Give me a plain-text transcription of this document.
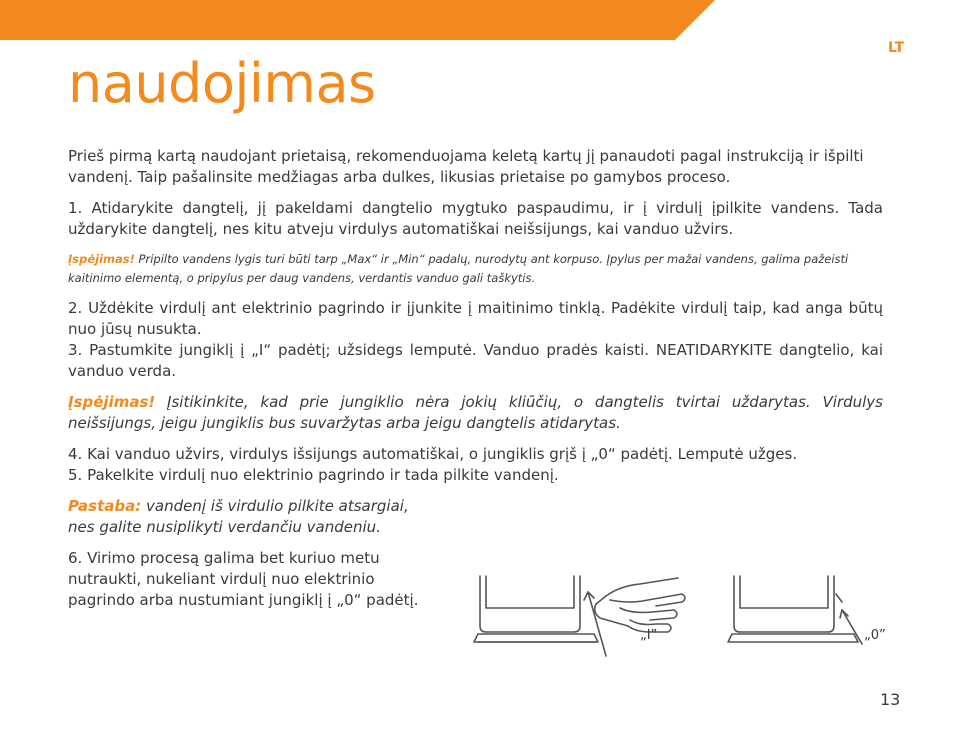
LT
naudojimas

Prieš pirmą kartą naudojant prietaisą, rekomenduojama keletą kartų jį panaudoti pagal instrukciją ir išpilti vandenį. Taip pašalinsite medžiagas arba dulkes, likusias prietaise po gamybos proceso.

1. Atidarykite dangtelį, jį pakeldami dangtelio mygtuko paspaudimu, ir į virdulį įpilkite vandens. Tada uždarykite dangtelį, nes kitu atveju virdulys automatiškai neišsijungs, kai vanduo užvirs.

Įspėjimas! Pripilto vandens lygis turi būti tarp „Max“ ir „Min“ padalų, nurodytų ant korpuso. Įpylus per mažai vandens, galima pažeisti kaitinimo elementą, o pripylus per daug vandens, verdantis vanduo gali taškytis.

2. Uždėkite virdulį ant elektrinio pagrindo ir įjunkite į maitinimo tinklą. Padėkite virdulį taip, kad anga būtų nuo jūsų nusukta.

3. Pastumkite jungiklį į „I“ padėtį; užsidegs lemputė. Vanduo pradės kaisti. NEATIDARYKITE dangtelio, kai vanduo verda.

Įspėjimas! Įsitikinkite, kad prie jungiklio nėra jokių kliūčių, o dangtelis tvirtai uždarytas. Virdulys neišsijungs, jeigu jungiklis bus suvaržytas arba jeigu dangtelis atidarytas.

4. Kai vanduo užvirs, virdulys išsijungs automatiškai, o jungiklis grįš į „0“ padėtį. Lemputė užges.

5. Pakelkite virdulį nuo elektrinio pagrindo ir tada pilkite vandenį.

Pastaba: vandenį iš virdulio pilkite atsargiai,
nes galite nusiplikyti verdančiu vandeniu.

6. Virimo procesą galima bet kuriuo metu
nutraukti, nukeliant virdulį nuo elektrinio
pagrindo arba nustumiant jungiklį į „0“ padėtį.

„I”	„0”
13
